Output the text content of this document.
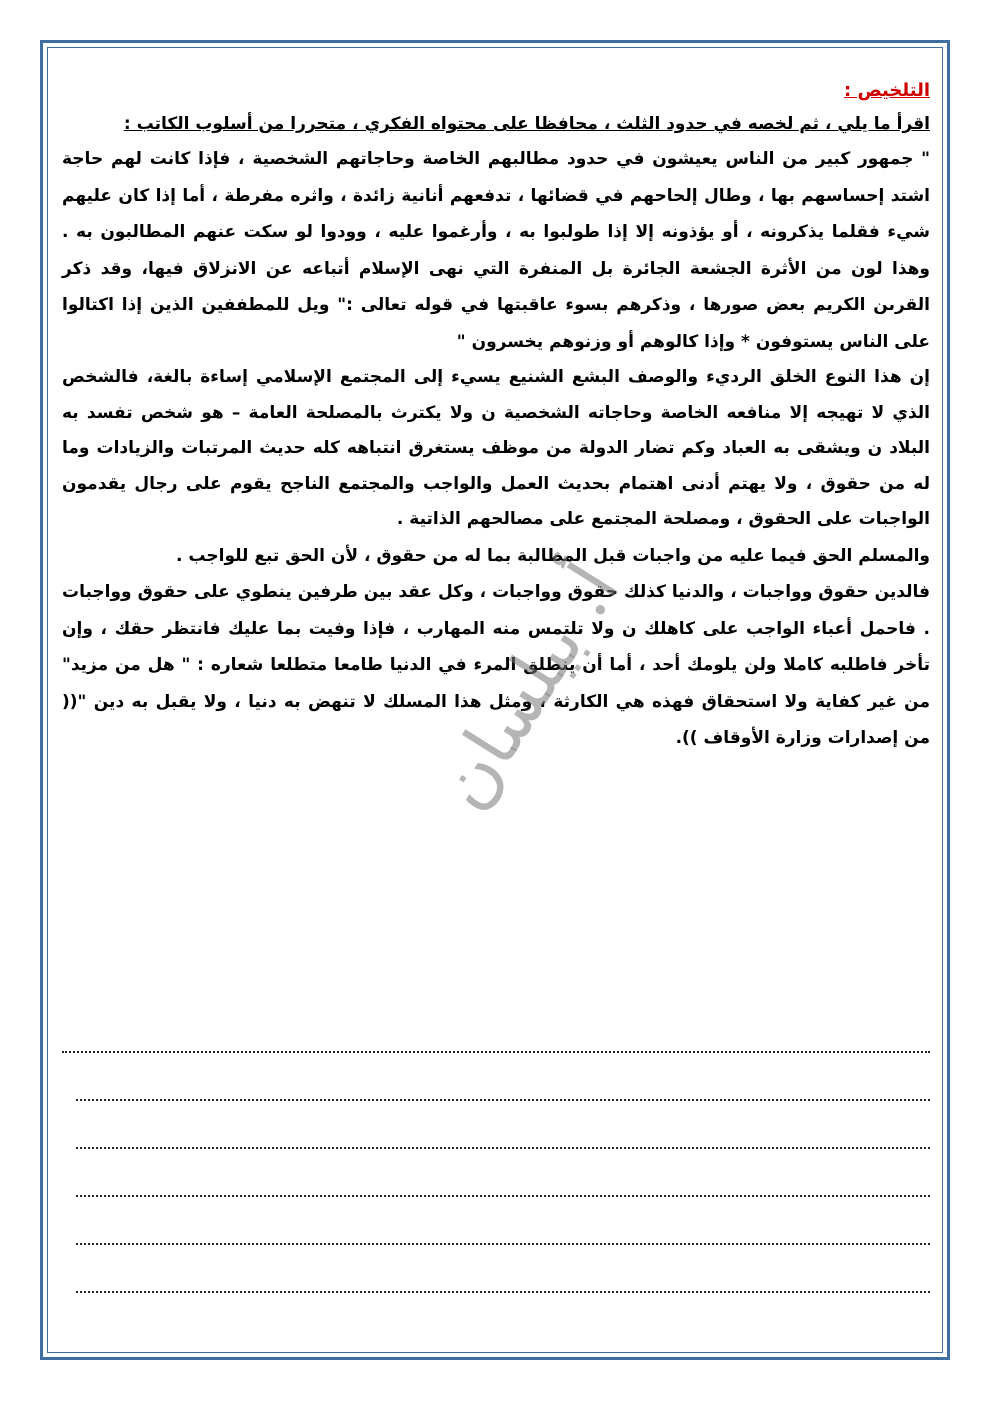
التلخيص :
اقرأ ما يلي ، ثم لخصه في حدود الثلث ، محافظا على محتواه الفكري ، متحررا من أسلوب الكاتب :

" جمهور كبير من الناس يعيشون في حدود مطالبهم الخاصة وحاجاتهم الشخصية ، فإذا كانت لهم حاجة اشتد إحساسهم بها ، وطال إلحاحهم في قضائها ، تدفعهم أنانية زائدة ، واثره مفرطة ، أما إذا كان عليهم شيء فقلما يذكرونه ، أو يؤذونه إلا إذا طولبوا به ، وأرغموا عليه ، وودوا لو سكت عنهم المطالبون به . وهذا لون من الأثرة الجشعة الجائرة بل المنفرة التي نهى الإسلام أتباعه عن الانزلاق فيها، وقد ذكر القرىن الكريم بعض صورها ، وذكرهم بسوء عاقبتها في قوله تعالى :" ويل للمطففين الذين إذا اكتالوا على الناس يستوفون * وإذا كالوهم أو وزنوهم يخسرون "

إن هذا النوع الخلق الرديء والوصف البشع الشنيع يسيء إلى المجتمع الإسلامي إساءة بالغة، فالشخص الذي لا تهيجه إلا منافعه الخاصة وحاجاته الشخصية ن ولا يكترث بالمصلحة العامة – هو شخص تفسد به البلاد ن ويشقى به العباد وكم تضار الدولة من موظف يستغرق انتباهه كله حديث المرتبات والزيادات وما له من حقوق ، ولا يهتم أدنى اهتمام بحديث العمل والواجب والمجتمع الناجح يقوم على رجال يقدمون الواجبات على الحقوق ، ومصلحة المجتمع على مصالحهم الذاتية .

والمسلم الحق فيما عليه من واجبات قبل المطالبة بما له من حقوق ، لأن الحق تبع للواجب .

فالدين حقوق وواجبات ، والدنيا كذلك حقوق وواجبات ، وكل عقد بين طرفين ينطوي على حقوق وواجبات . فاحمل أعباء الواجب على كاهلك ن ولا تلتمس منه المهارب ، فإذا وفيت بما عليك فانتظر حقك ، وإن تأخر فاطلبه كاملا ولن يلومك أحد ، أما أن ينطلق المرء في الدنيا طامعا متطلعا شعاره : " هل من مزيد" من غير كفاية ولا استحقاق فهذه هي الكارثة ، ومثل هذا المسلك لا تنهض به دنيا ، ولا يقبل به دين "(( من إصدارات وزارة الأوقاف )).

أ. بيلسان
